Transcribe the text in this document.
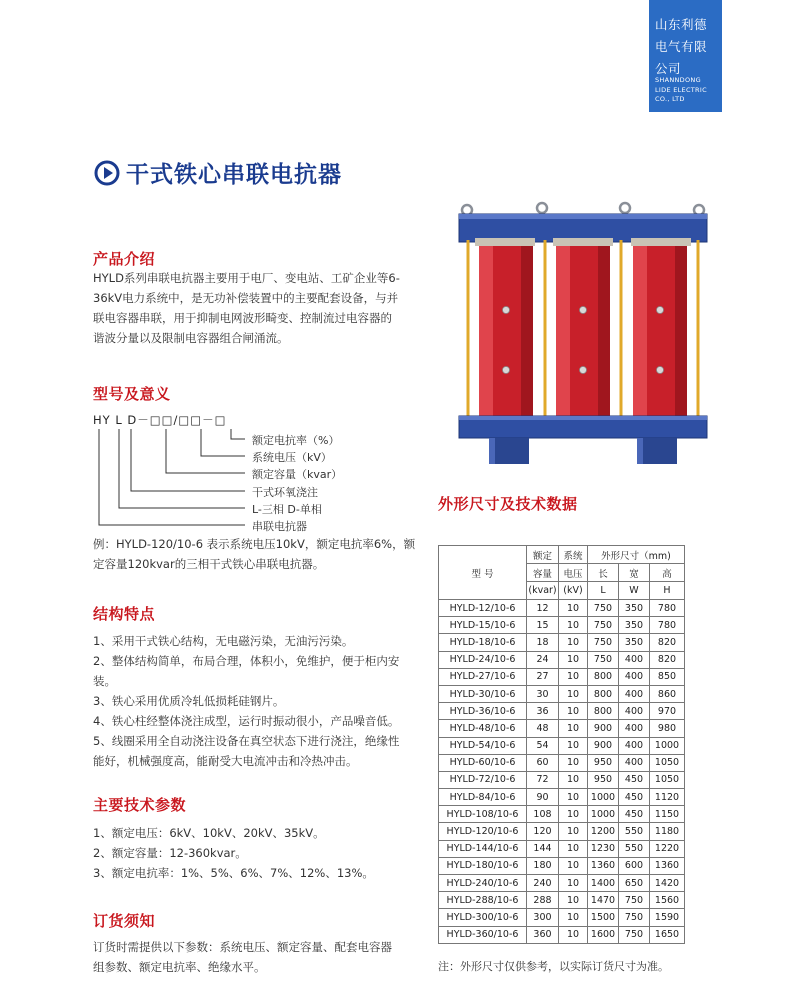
山东利德
电气有限
公司
SHANNDONG
LIDE ELECTRIC
CO., LTD
干式铁心串联电抗器
产品介绍
HYLD系列串联电抗器主要用于电厂、变电站、工矿企业等6-
36kV电力系统中，是无功补偿装置中的主要配套设备，与并
联电容器串联，用于抑制电网波形畸变、控制流过电容器的
谐波分量以及限制电容器组合闸涌流。
型号及意义
HY L D－□□/□□－□
额定电抗率（%）
系统电压（kV）
额定容量（kvar）
干式环氧浇注
L-三相 D-单相
串联电抗器
例：HYLD-120/10-6 表示系统电压10kV，额定电抗率6%，额
定容量120kvar的三相干式铁心串联电抗器。
结构特点
1、采用干式铁心结构，无电磁污染，无油污污染。
2、整体结构简单，布局合理，体积小，免维护，便于柜内安
装。
3、铁心采用优质冷轧低损耗硅钢片。
4、铁心柱经整体浇注成型，运行时振动很小，产品噪音低。
5、线圈采用全自动浇注设备在真空状态下进行浇注，绝缘性
能好，机械强度高，能耐受大电流冲击和冷热冲击。
主要技术参数
1、额定电压：6kV、10kV、20kV、35kV。
2、额定容量：12-360kvar。
3、额定电抗率：1%、5%、6%、7%、12%、13%。
订货须知
订货时需提供以下参数：系统电压、额定容量、配套电容器
组参数、额定电抗率、绝缘水平。
外形尺寸及技术数据
型 号	额定	系统	外形尺寸（mm)		
	容量	电压	长	宽	高
	(kvar)	(kV)	L	W	H
HYLD-12/10-6	12	10	750	350	780
HYLD-15/10-6	15	10	750	350	780
HYLD-18/10-6	18	10	750	350	820
HYLD-24/10-6	24	10	750	400	820
HYLD-27/10-6	27	10	800	400	850
HYLD-30/10-6	30	10	800	400	860
HYLD-36/10-6	36	10	800	400	970
HYLD-48/10-6	48	10	900	400	980
HYLD-54/10-6	54	10	900	400	1000
HYLD-60/10-6	60	10	950	400	1050
HYLD-72/10-6	72	10	950	450	1050
HYLD-84/10-6	90	10	1000	450	1120
HYLD-108/10-6	108	10	1000	450	1150
HYLD-120/10-6	120	10	1200	550	1180
HYLD-144/10-6	144	10	1230	550	1220
HYLD-180/10-6	180	10	1360	600	1360
HYLD-240/10-6	240	10	1400	650	1420
HYLD-288/10-6	288	10	1470	750	1560
HYLD-300/10-6	300	10	1500	750	1590
HYLD-360/10-6	360	10	1600	750	1650
注：外形尺寸仅供参考，以实际订货尺寸为准。
